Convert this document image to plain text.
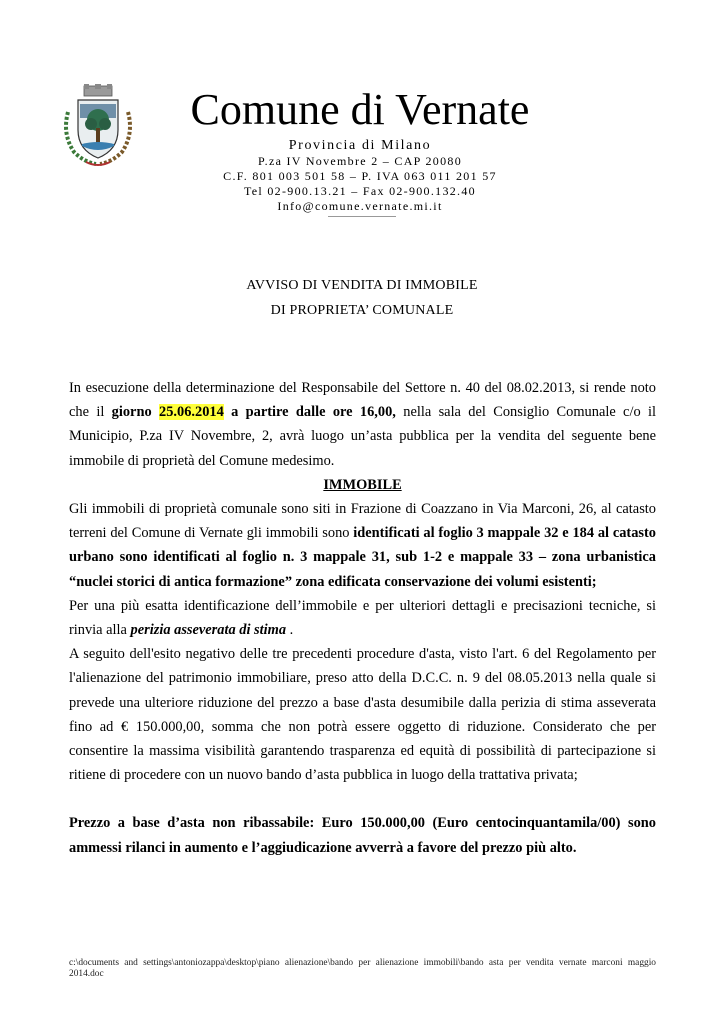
Comune di Vernate
Provincia di Milano
P.za IV Novembre 2 – CAP 20080
C.F. 801 003 501 58 – P. IVA 063 011 201 57
Tel 02-900.13.21 – Fax 02-900.132.40
Info@comune.vernate.mi.it
AVVISO DI VENDITA DI IMMOBILE
DI PROPRIETA’ COMUNALE

In esecuzione della determinazione del Responsabile del Settore n. 40 del 08.02.2013, si rende noto che il giorno 25.06.2014 a partire dalle ore 16,00, nella sala del Consiglio Comunale c/o il Municipio, P.za IV Novembre, 2, avrà luogo un’asta pubblica per la vendita del seguente bene immobile di proprietà del Comune medesimo.

IMMOBILE

Gli immobili di proprietà comunale sono siti in Frazione di Coazzano in Via Marconi, 26, al catasto terreni del Comune di Vernate gli immobili sono identificati al foglio 3 mappale 32 e 184 al catasto urbano sono identificati al foglio n. 3 mappale 31, sub 1-2 e mappale 33 – zona urbanistica “nuclei storici di antica formazione” zona edificata conservazione dei volumi esistenti;

Per una più esatta identificazione dell’immobile e per ulteriori dettagli e precisazioni tecniche, si rinvia alla perizia asseverata di stima .

A seguito dell'esito negativo delle tre precedenti procedure d'asta, visto l'art. 6 del Regolamento per l'alienazione del patrimonio immobiliare, preso atto della D.C.C. n. 9 del 08.05.2013 nella quale si prevede una ulteriore riduzione del prezzo a base d'asta desumibile dalla perizia di stima asseverata fino ad € 150.000,00, somma che non potrà essere oggetto di riduzione. Considerato che per consentire la massima visibilità garantendo trasparenza ed equità di possibilità di partecipazione si ritiene di procedere con un nuovo bando d’asta pubblica in luogo della trattativa privata;

Prezzo a base d’asta non ribassabile: Euro 150.000,00 (Euro centocinquantamila/00) sono ammessi rilanci in aumento e l’aggiudicazione avverrà a favore del prezzo più alto.

c:\documents and settings\antoniozappa\desktop\piano alienazione\bando per alienazione immobili\bando asta per vendita vernate marconi maggio 2014.doc
